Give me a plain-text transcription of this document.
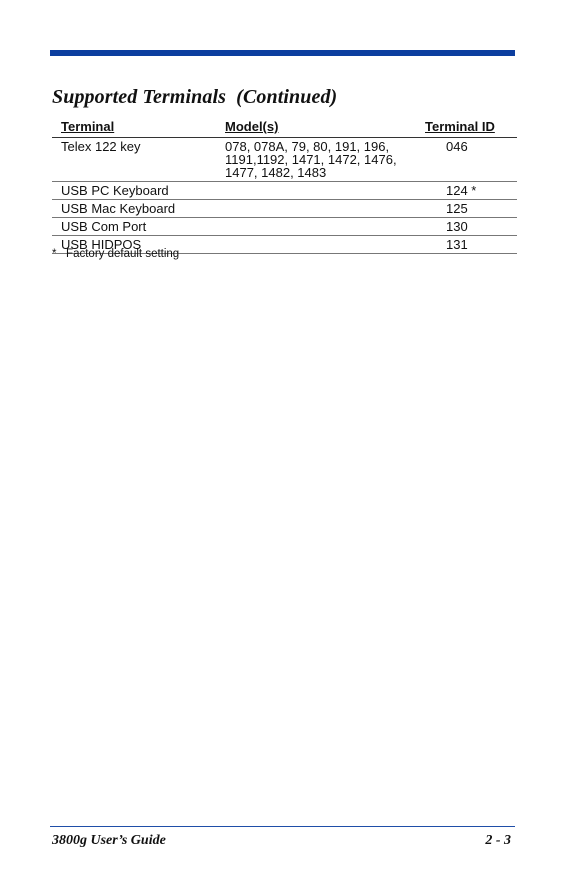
Supported Terminals  (Continued)
Terminal	Model(s)	Terminal ID
Telex 122 key	078, 078A, 79, 80, 191, 196,
1191,1192, 1471, 1472, 1476,
1477, 1482, 1483	046
USB PC Keyboard		124 *
USB Mac Keyboard		125
USB Com Port		130
USB HIDPOS		131
*   Factory default setting
3800g User’s Guide	2 - 3
